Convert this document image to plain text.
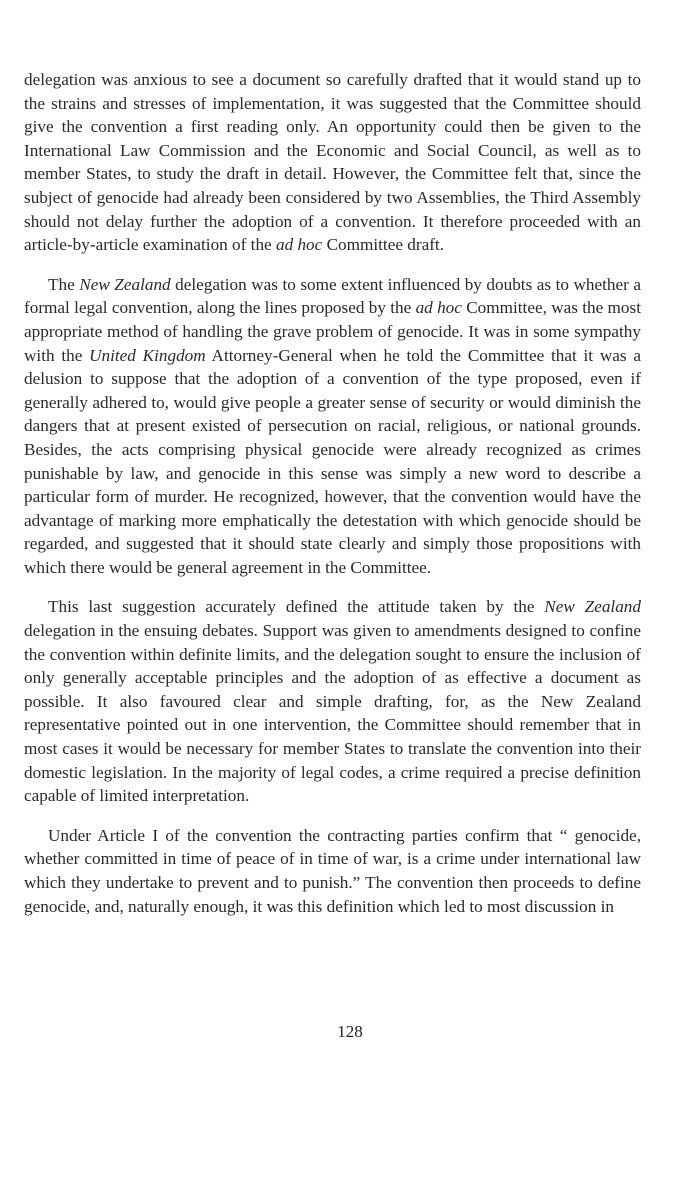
delegation was anxious to see a document so carefully drafted that it would stand up to the strains and stresses of implementation, it was suggested that the Committee should give the convention a first reading only. An opportunity could then be given to the International Law Commission and the Economic and Social Council, as well as to member States, to study the draft in detail. However, the Committee felt that, since the subject of genocide had already been considered by two Assemblies, the Third Assembly should not delay further the adoption of a convention. It therefore proceeded with an article-by-article examination of the ad hoc Committee draft.

The New Zealand delegation was to some extent influenced by doubts as to whether a formal legal convention, along the lines proposed by the ad hoc Committee, was the most appropriate method of handling the grave problem of genocide. It was in some sympathy with the United Kingdom Attorney-General when he told the Committee that it was a delusion to suppose that the adoption of a convention of the type proposed, even if generally adhered to, would give people a greater sense of security or would diminish the dangers that at present existed of persecution on racial, religious, or national grounds. Besides, the acts comprising physical genocide were already recognized as crimes punishable by law, and genocide in this sense was simply a new word to describe a particular form of murder. He recognized, however, that the convention would have the advantage of marking more emphatically the detestation with which genocide should be regarded, and suggested that it should state clearly and simply those propositions with which there would be general agreement in the Committee.

This last suggestion accurately defined the attitude taken by the New Zealand delegation in the ensuing debates. Support was given to amendments designed to confine the convention within definite limits, and the delegation sought to ensure the inclusion of only generally acceptable principles and the adoption of as effective a document as possible. It also favoured clear and simple drafting, for, as the New Zealand representative pointed out in one intervention, the Committee should remember that in most cases it would be necessary for member States to translate the convention into their domestic legislation. In the majority of legal codes, a crime required a precise definition capable of limited interpretation.

Under Article I of the convention the contracting parties confirm that “ genocide, whether committed in time of peace of in time of war, is a crime under international law which they undertake to prevent and to punish.” The convention then proceeds to define genocide, and, naturally enough, it was this definition which led to most discussion in

128
